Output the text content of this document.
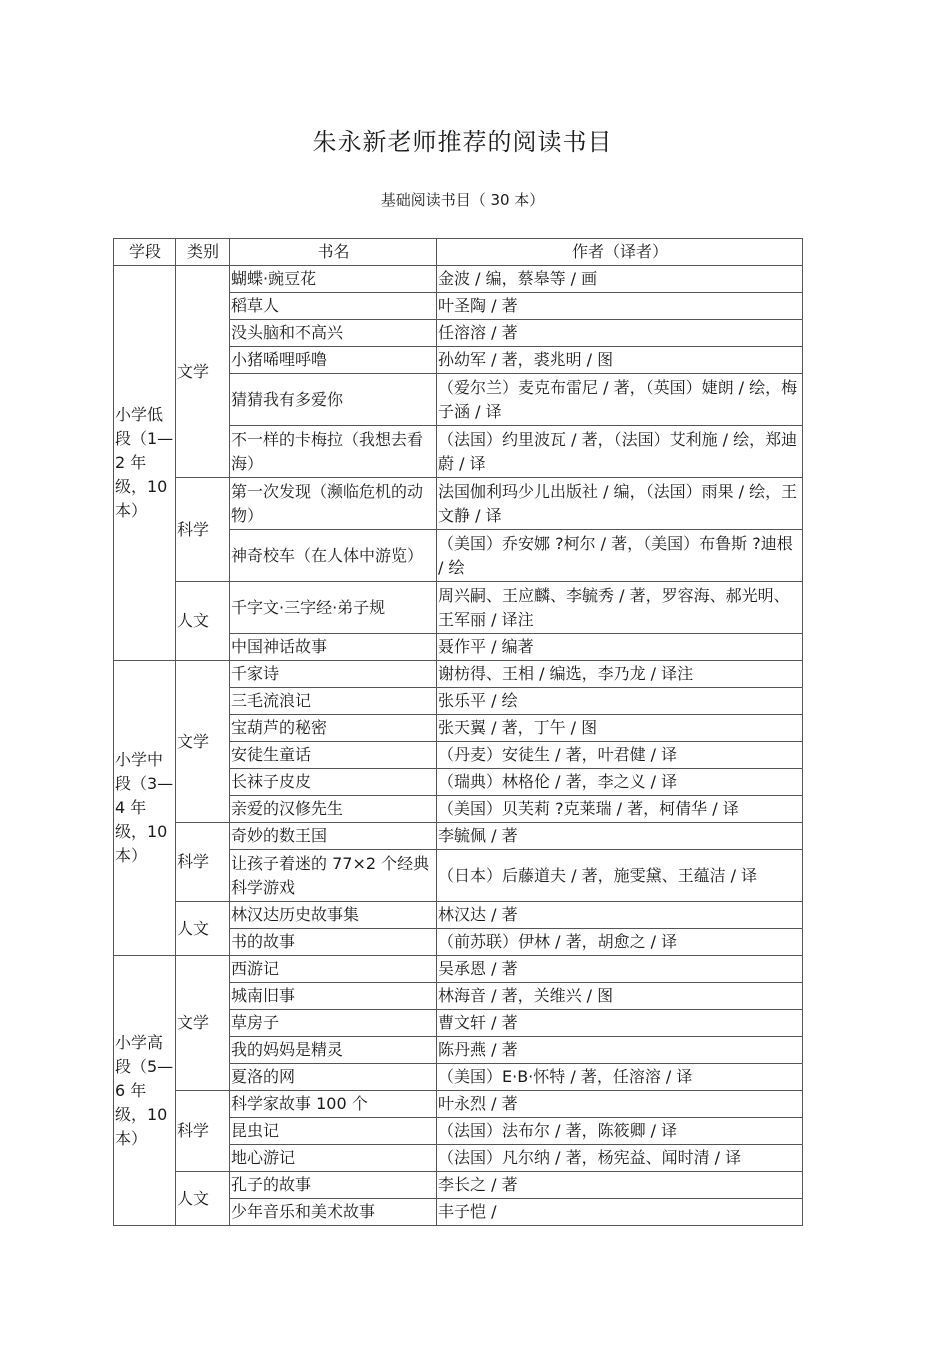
朱永新老师推荐的阅读书目
基础阅读书目（ 30 本）
学段	类别	书名	作者（译者）
小学低段（1—2 年级，10本）	文学	蝴蝶·豌豆花	金波 / 编，蔡皋等 / 画
		稻草人	叶圣陶 / 著
		没头脑和不高兴	任溶溶 / 著
		小猪唏哩呼噜	孙幼军 / 著，裘兆明 / 图
		猜猜我有多爱你	（爱尔兰）麦克布雷尼 / 著，（英国）婕朗 / 绘，梅子涵 / 译
		不一样的卡梅拉（我想去看海）	（法国）约里波瓦 / 著，（法国）艾利施 / 绘，郑迪蔚 / 译
	科学	第一次发现（濒临危机的动物）	法国伽利玛少儿出版社 / 编，（法国）雨果 / 绘，王文静 / 译
		神奇校车（在人体中游览）	（美国）乔安娜 ?柯尔 / 著，（美国）布鲁斯 ?迪根 / 绘
	人文	千字文·三字经·弟子规	周兴嗣、王应麟、李毓秀 / 著，罗容海、郝光明、王军丽 / 译注
		中国神话故事	聂作平 / 编著
小学中段（3—4 年级，10本）	文学	千家诗	谢枋得、王相 / 编选，李乃龙 / 译注
		三毛流浪记	张乐平 / 绘
		宝葫芦的秘密	张天翼 / 著，丁午 / 图
		安徒生童话	（丹麦）安徒生 / 著，叶君健 / 译
		长袜子皮皮	（瑞典）林格伦 / 著，李之义 / 译
		亲爱的汉修先生	（美国）贝芙莉 ?克莱瑞 / 著，柯倩华 / 译
	科学	奇妙的数王国	李毓佩 / 著
		让孩子着迷的 77×2 个经典科学游戏	（日本）后藤道夫 / 著，施雯黛、王蕴洁 / 译
	人文	林汉达历史故事集	林汉达 / 著
		书的故事	（前苏联）伊林 / 著，胡愈之 / 译
小学高段（5—6 年级，10本）	文学	西游记	吴承恩 / 著
		城南旧事	林海音 / 著，关维兴 / 图
		草房子	曹文轩 / 著
		我的妈妈是精灵	陈丹燕 / 著
		夏洛的网	（美国）E·B·怀特 / 著，任溶溶 / 译
	科学	科学家故事 100 个	叶永烈 / 著
		昆虫记	（法国）法布尔 / 著，陈筱卿 / 译
		地心游记	（法国）凡尔纳 / 著，杨宪益、闻时清 / 译
	人文	孔子的故事	李长之 / 著
		少年音乐和美术故事	丰子恺 /
